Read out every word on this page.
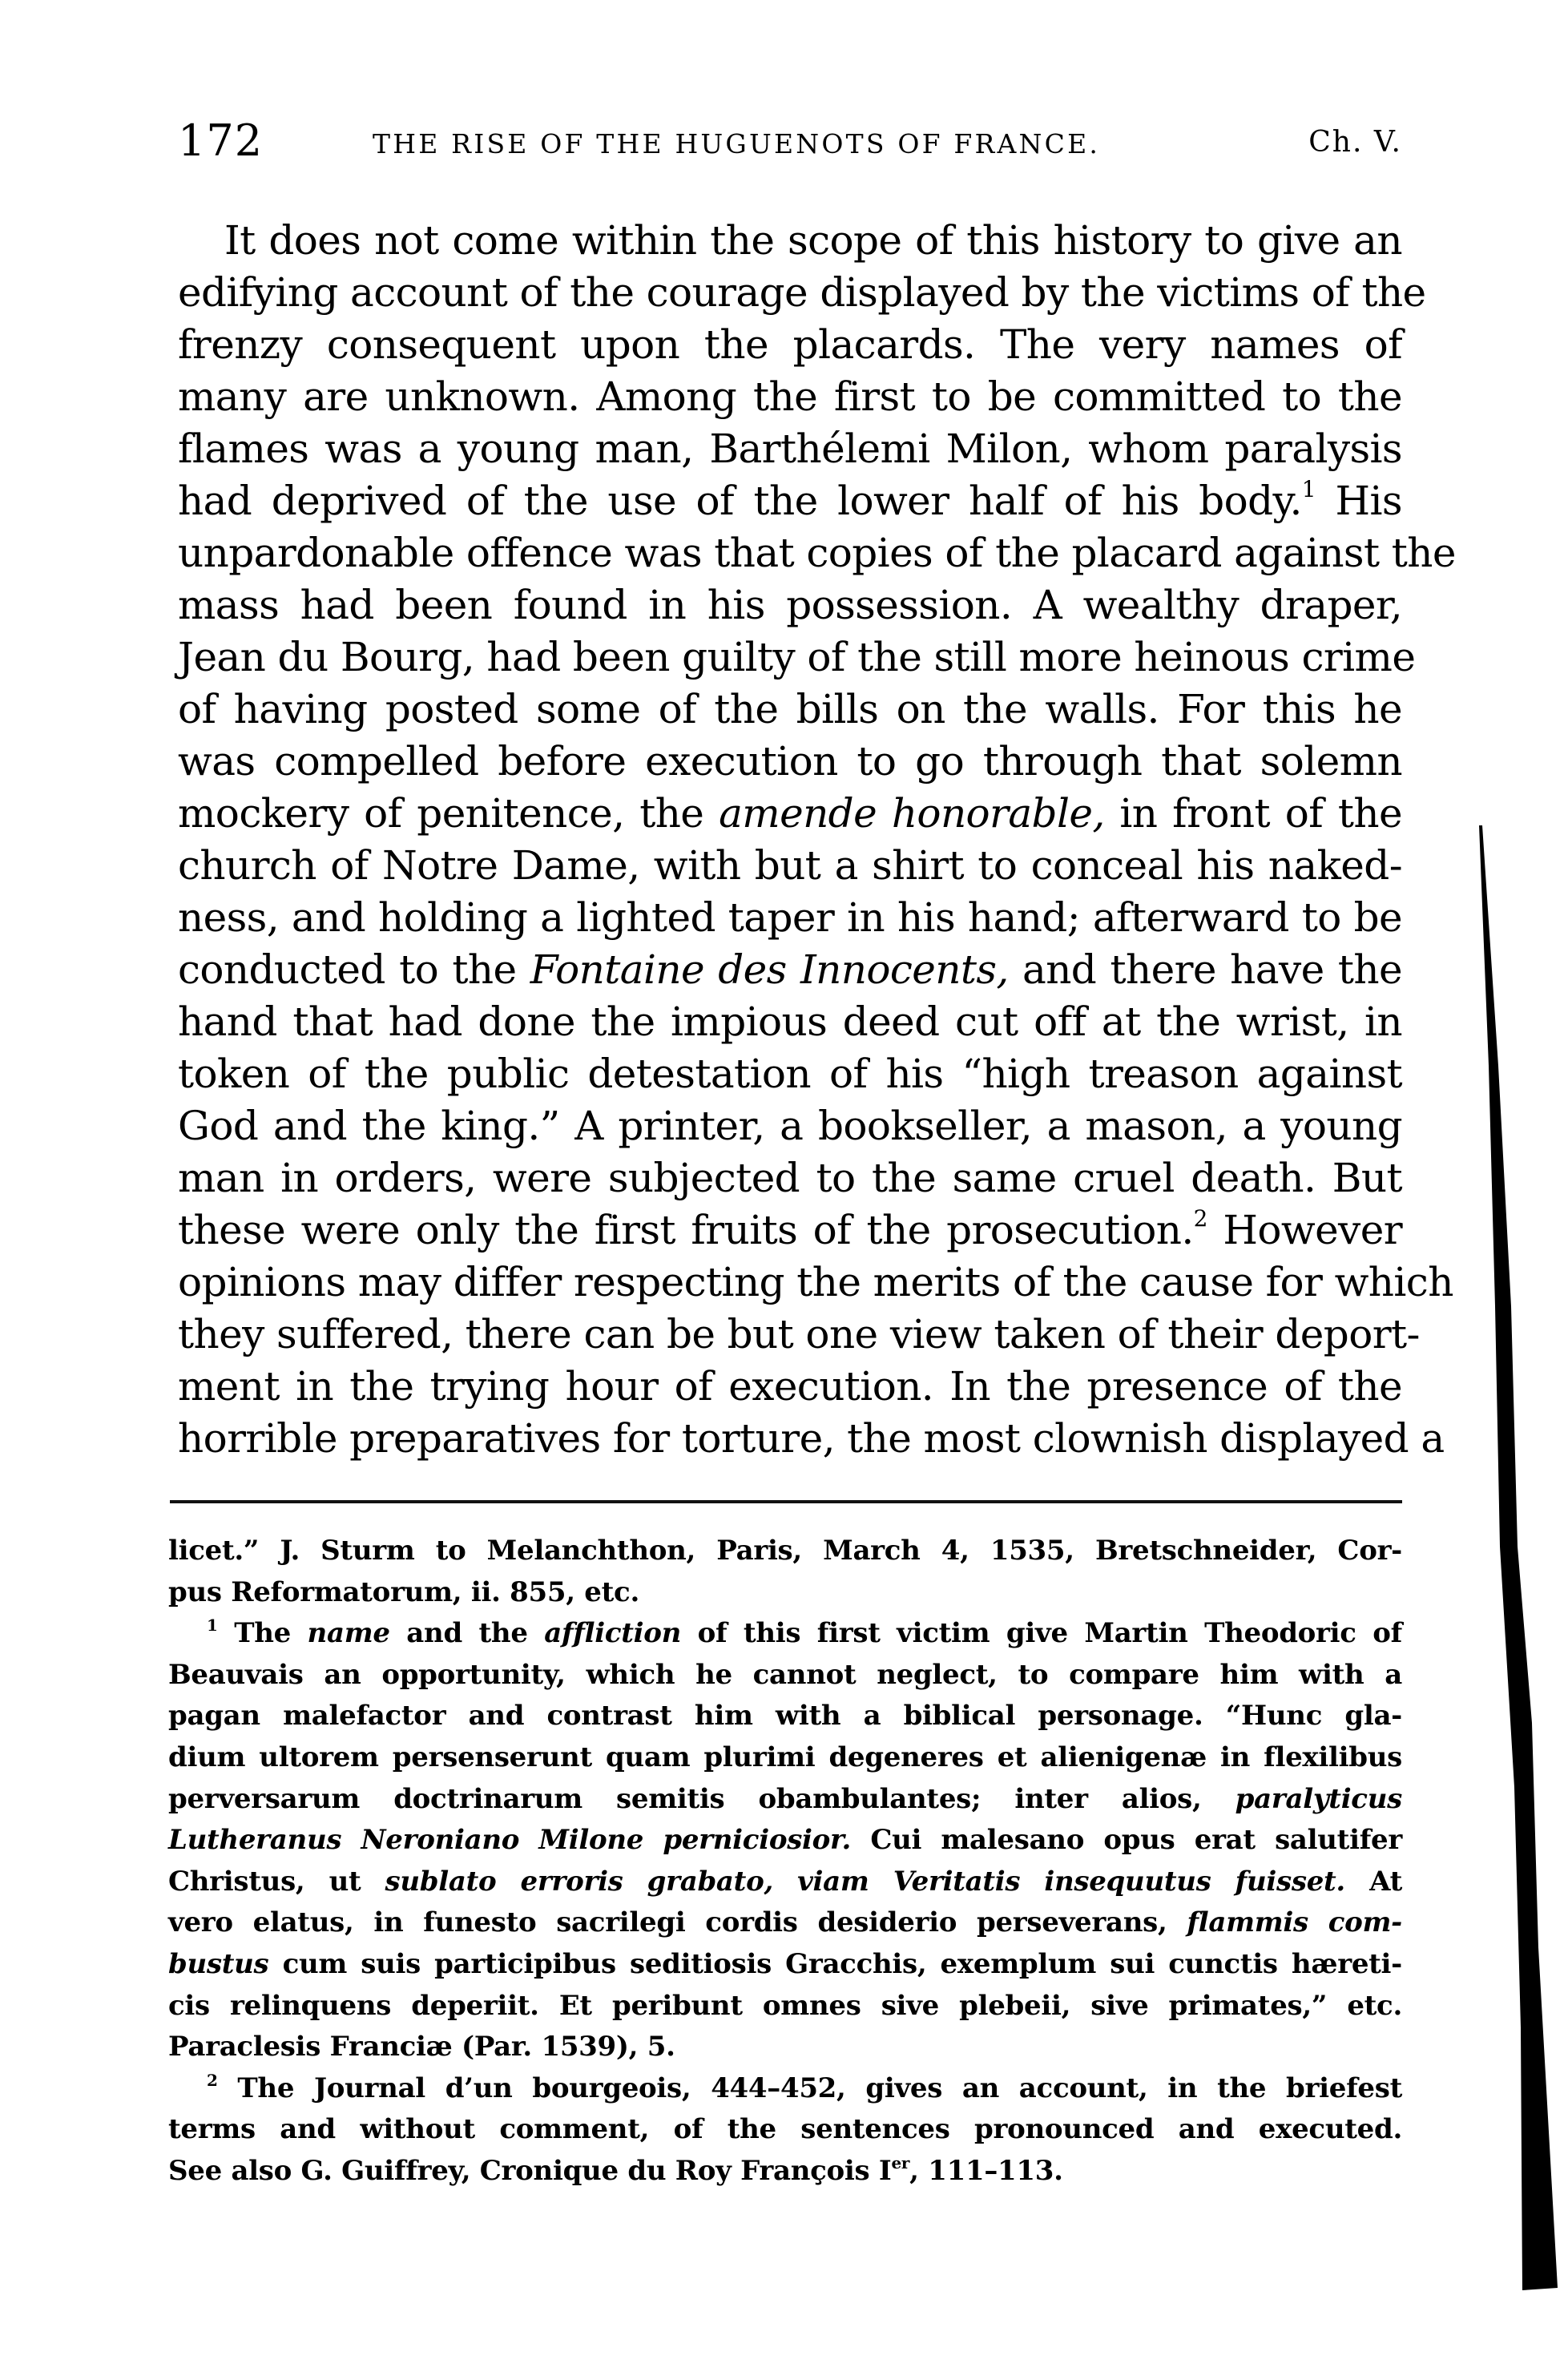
172	THE RISE OF THE HUGUENOTS OF FRANCE.	Ch. V.
It does not come within the scope of this history to give an
edifying account of the courage displayed by the victims of the
frenzy consequent upon the placards. The very names of
many are unknown. Among the first to be committed to the
flames was a young man, Barthélemi Milon, whom paralysis
had deprived of the use of the lower half of his body.$^1$ His
unpardonable offence was that copies of the placard against the
mass had been found in his possession. A wealthy draper,
Jean du Bourg, had been guilty of the still more heinous crime
of having posted some of the bills on the walls. For this he
was compelled before execution to go through that solemn
mockery of penitence, the amende honorable, in front of the
church of Notre Dame, with but a shirt to conceal his naked-
ness, and holding a lighted taper in his hand; afterward to be
conducted to the Fontaine des Innocents, and there have the
hand that had done the impious deed cut off at the wrist, in
token of the public detestation of his “high treason against
God and the king.” A printer, a bookseller, a mason, a young
man in orders, were subjected to the same cruel death. But
these were only the first fruits of the prosecution.$^2$ However
opinions may differ respecting the merits of the cause for which
they suffered, there can be but one view taken of their deport-
ment in the trying hour of execution. In the presence of the
horrible preparatives for torture, the most clownish displayed a
licet.” J. Sturm to Melanchthon, Paris, March 4, 1535, Bretschneider, Cor-
pus Reformatorum, ii. 855, etc.
$^1$ The name and the affliction of this first victim give Martin Theodoric of
Beauvais an opportunity, which he cannot neglect, to compare him with a
pagan malefactor and contrast him with a biblical personage. “Hunc gla-
dium ultorem persenserunt quam plurimi degeneres et alienigenæ in flexilibus
perversarum doctrinarum semitis obambulantes; inter alios, paralyticus
Lutheranus Neroniano Milone perniciosior. Cui malesano opus erat salutifer
Christus, ut sublato erroris grabato, viam Veritatis insequutus fuisset. At
vero elatus, in funesto sacrilegi cordis desiderio perseverans, flammis com-
bustus cum suis participibus seditiosis Gracchis, exemplum sui cunctis hæreti-
cis relinquens deperiit. Et peribunt omnes sive plebeii, sive primates,” etc.
Paraclesis Franciæ (Par. 1539), 5.
$^2$ The Journal d’un bourgeois, 444–452, gives an account, in the briefest
terms and without comment, of the sentences pronounced and executed.
See also G. Guiffrey, Cronique du Roy François Ier, 111–113.
